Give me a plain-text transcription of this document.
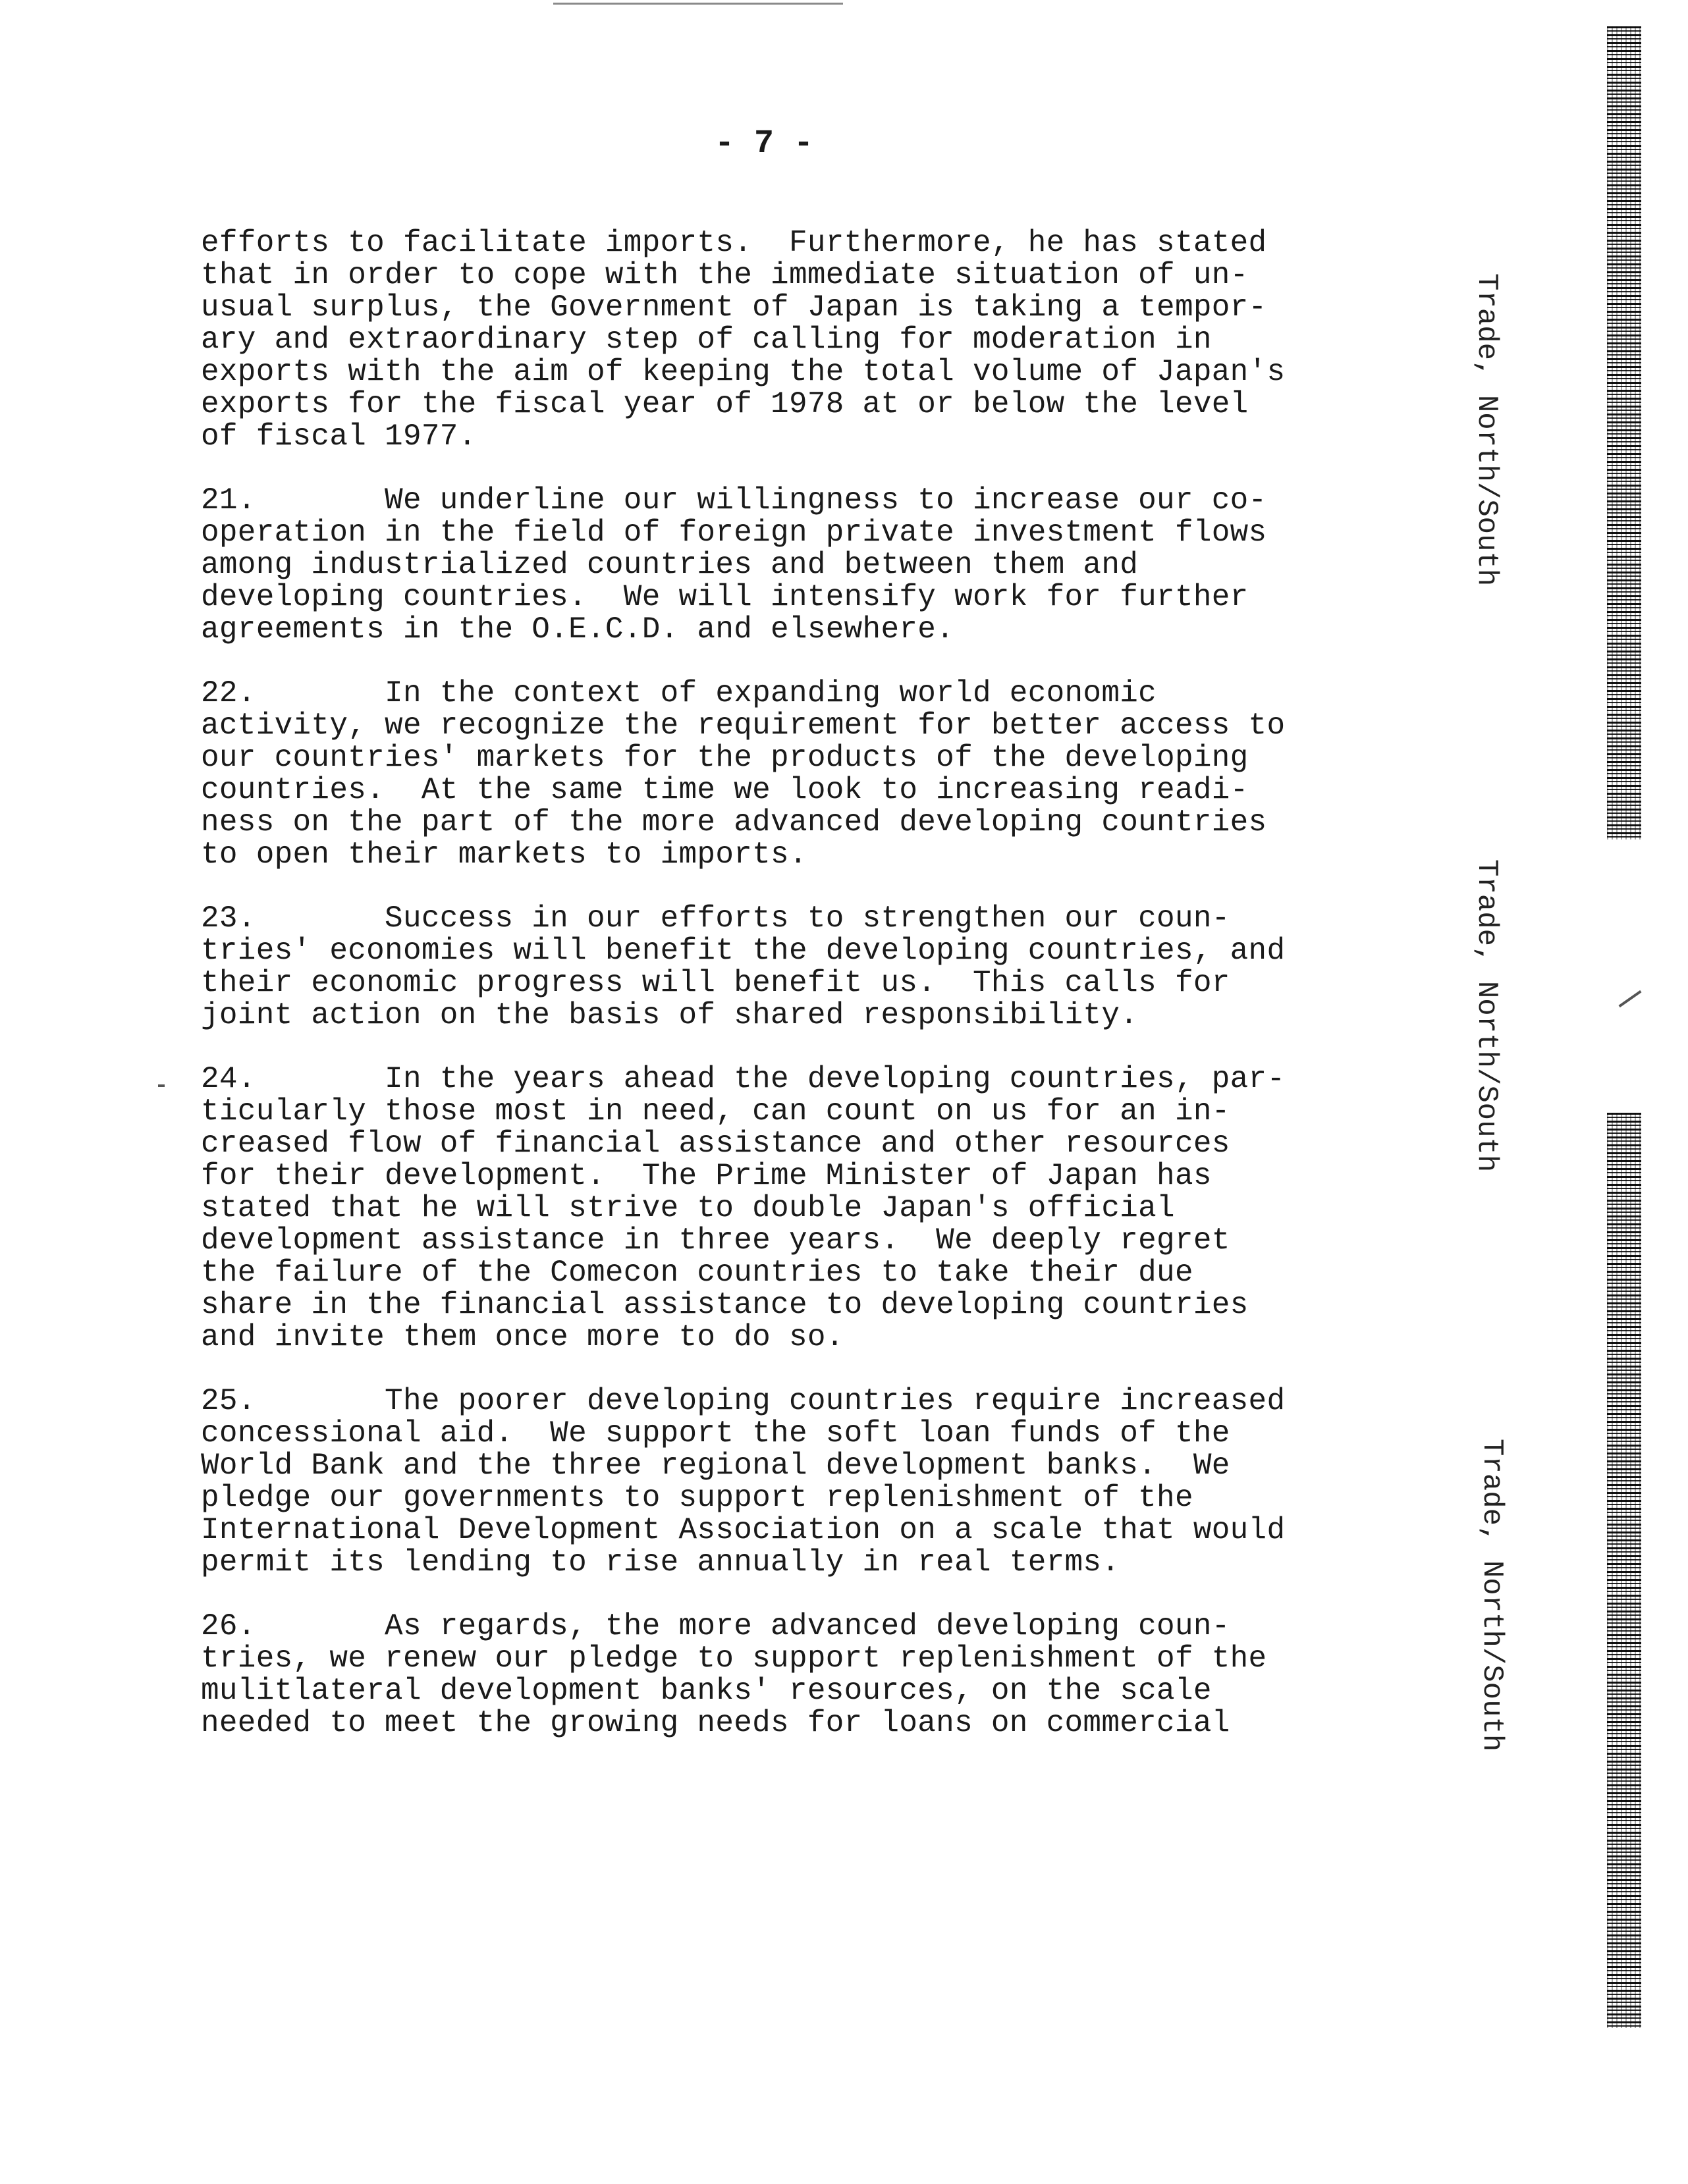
- 7 -
efforts to facilitate imports.  Furthermore, he has stated
that in order to cope with the immediate situation of un-
usual surplus, the Government of Japan is taking a tempor-
ary and extraordinary step of calling for moderation in
exports with the aim of keeping the total volume of Japan's
exports for the fiscal year of 1978 at or below the level
of fiscal 1977.
21.       We underline our willingness to increase our co-
operation in the field of foreign private investment flows
among industrialized countries and between them and
developing countries.  We will intensify work for further
agreements in the O.E.C.D. and elsewhere.
22.       In the context of expanding world economic
activity, we recognize the requirement for better access to
our countries' markets for the products of the developing
countries.  At the same time we look to increasing readi-
ness on the part of the more advanced developing countries
to open their markets to imports.
23.       Success in our efforts to strengthen our coun-
tries' economies will benefit the developing countries, and
their economic progress will benefit us.  This calls for
joint action on the basis of shared responsibility.
24.       In the years ahead the developing countries, par-
ticularly those most in need, can count on us for an in-
creased flow of financial assistance and other resources
for their development.  The Prime Minister of Japan has
stated that he will strive to double Japan's official
development assistance in three years.  We deeply regret
the failure of the Comecon countries to take their due
share in the financial assistance to developing countries
and invite them once more to do so.
25.       The poorer developing countries require increased
concessional aid.  We support the soft loan funds of the
World Bank and the three regional development banks.  We
pledge our governments to support replenishment of the
International Development Association on a scale that would
permit its lending to rise annually in real terms.
26.       As regards, the more advanced developing coun-
tries, we renew our pledge to support replenishment of the
mulitlateral development banks' resources, on the scale
needed to meet the growing needs for loans on commercial
Trade, North/South
Trade, North/South
Trade, North/South
